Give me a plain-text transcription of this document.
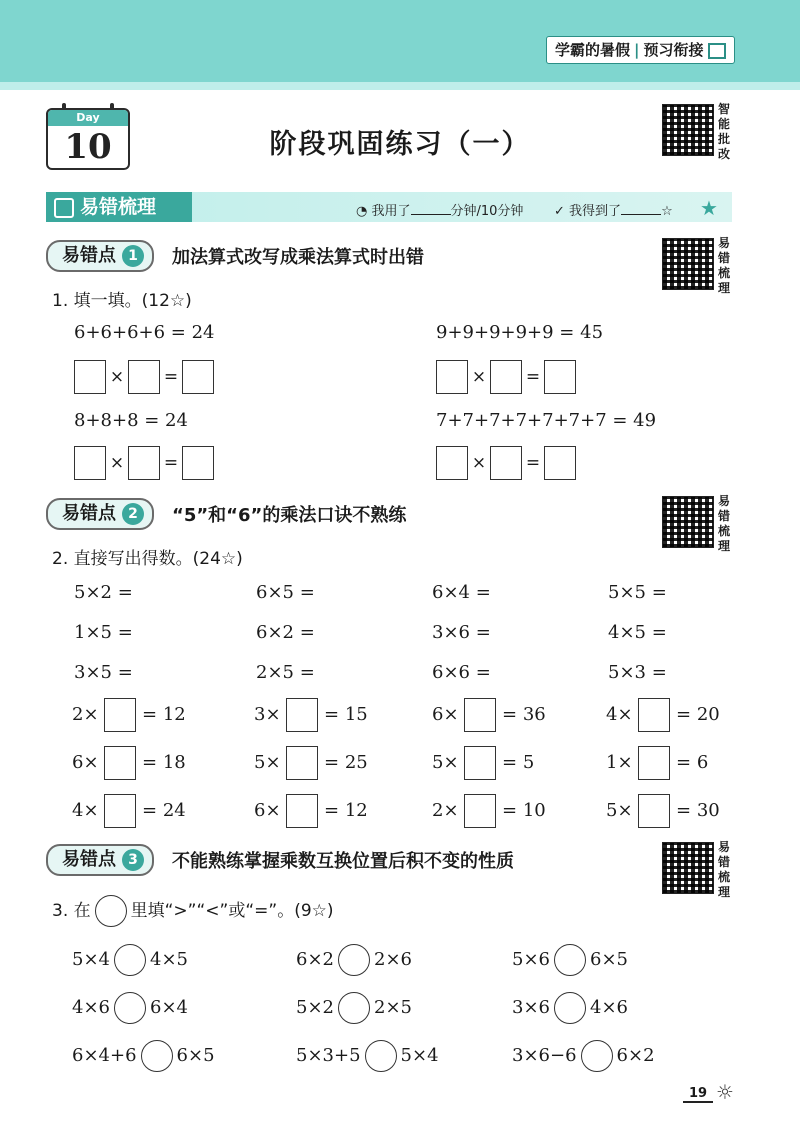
学霸的暑假 | 预习衔接
Day
10	阶段巩固练习（一）
智能批改
易错梳理	◔ 我用了	分钟/10分钟 ✓ 我得到了	☆ ★
易错点 1	加法算式改写成乘法算式时出错
易错梳理
1. 填一填。(12☆)
6+6+6+6 = 24	9+9+9+9+9 = 45
× =	× =
8+8+8 = 24	7+7+7+7+7+7+7 = 49
× =	× =
易错点 2	“5”和“6”的乘法口诀不熟练
易错梳理
2. 直接写出得数。(24☆)
5×2 =	6×5 =	6×4 =	5×5 =
1×5 =	6×2 =	3×6 =	4×5 =
3×5 =	2×5 =	6×6 =	5×3 =
2× = 12	3× = 15	6× = 36	4× = 20
6× = 18	5× = 25	5× = 5	1× = 6
4× = 24	6× = 12	2× = 10	5× = 30
易错点 3	不能熟练掌握乘数互换位置后积不变的性质
易错梳理
3. 在 里填“>”“<”或“=”。(9☆)
5×4 4×5	6×2 2×6	5×6 6×5
4×6 6×4	5×2 2×5	3×6 4×6
6×4+6 6×5	5×3+5 5×4	3×6−6 6×2
19 ☼
